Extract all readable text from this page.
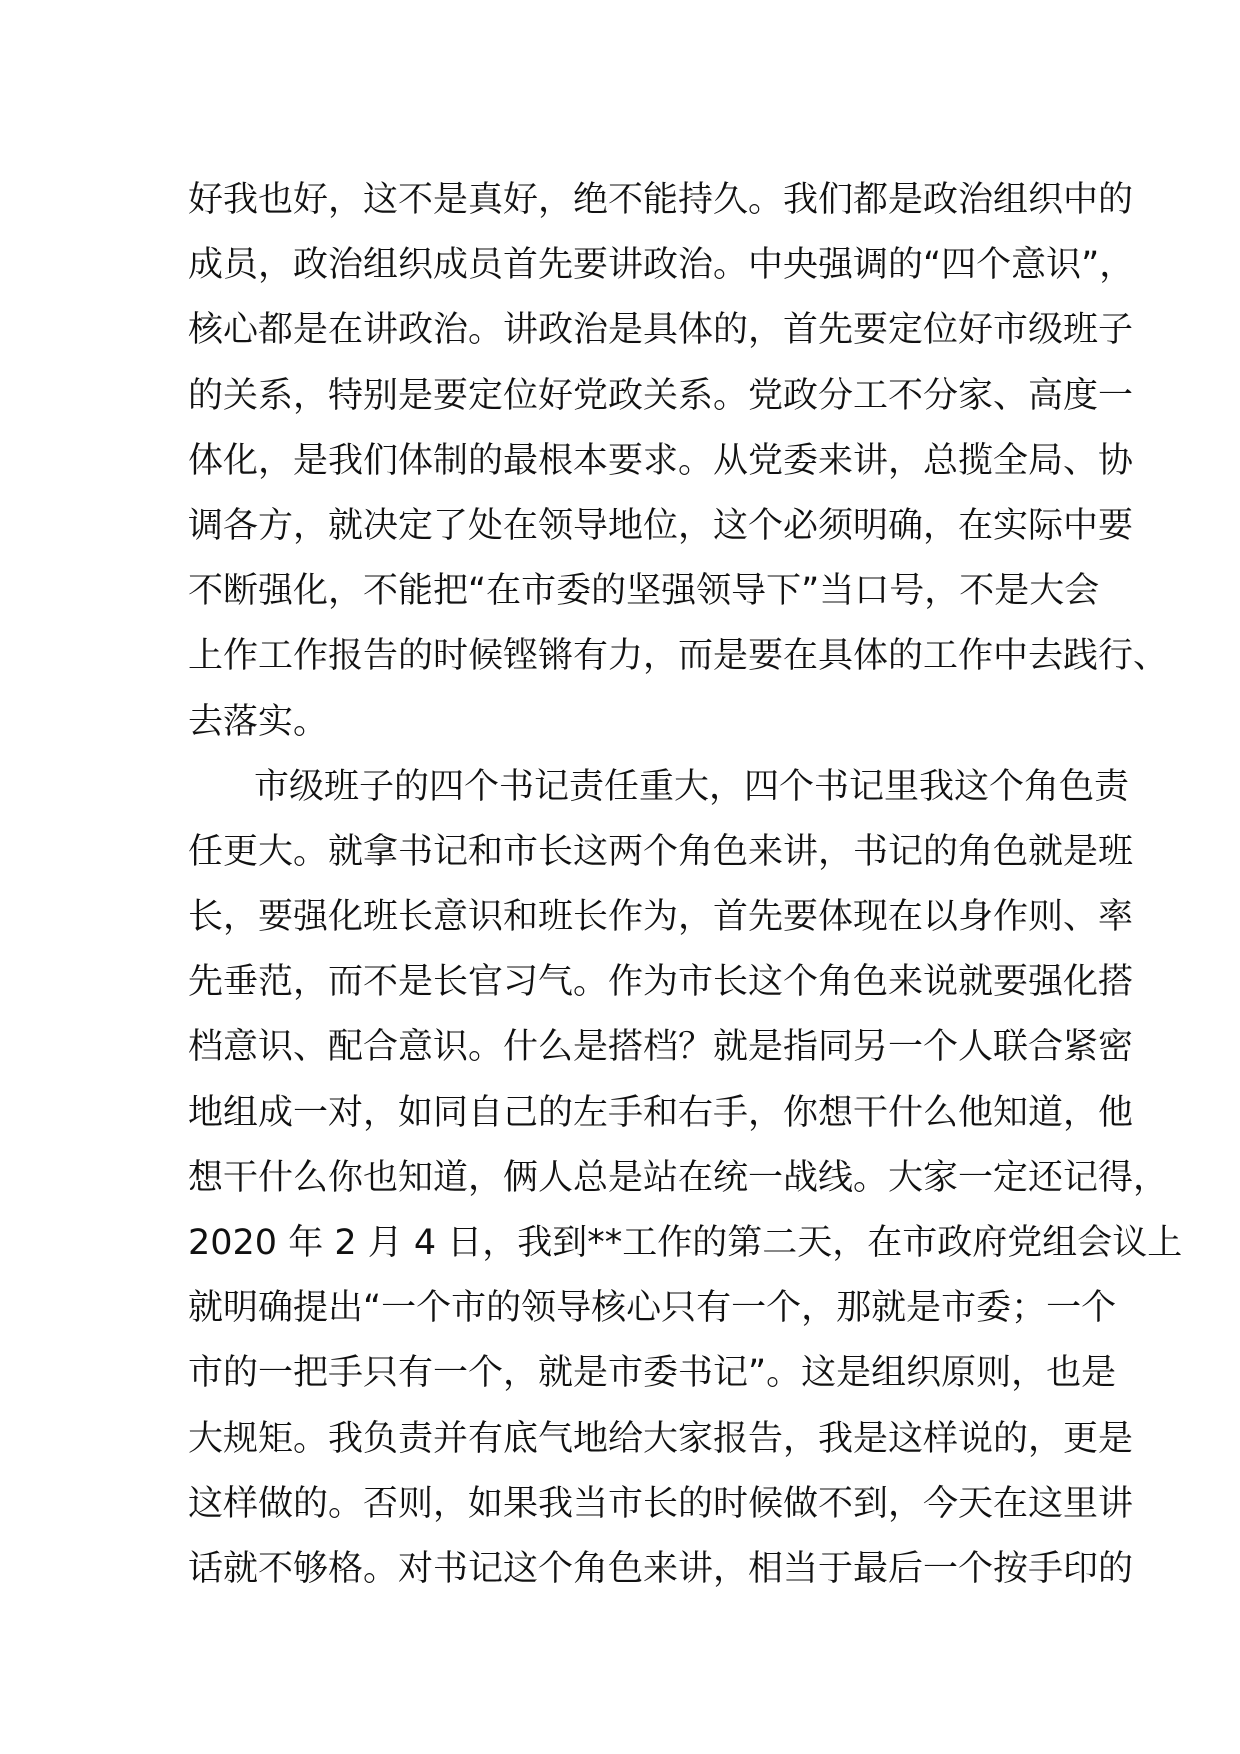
好我也好，这不是真好，绝不能持久。我们都是政治组织中的
成员，政治组织成员首先要讲政治。中央强调的“四个意识”，
核心都是在讲政治。讲政治是具体的，首先要定位好市级班子
的关系，特别是要定位好党政关系。党政分工不分家、高度一
体化，是我们体制的最根本要求。从党委来讲，总揽全局、协
调各方，就决定了处在领导地位，这个必须明确，在实际中要
不断强化，不能把“在市委的坚强领导下”当口号，不是大会
上作工作报告的时候铿锵有力，而是要在具体的工作中去践行、
去落实。
市级班子的四个书记责任重大，四个书记里我这个角色责
任更大。就拿书记和市长这两个角色来讲，书记的角色就是班
长，要强化班长意识和班长作为，首先要体现在以身作则、率
先垂范，而不是长官习气。作为市长这个角色来说就要强化搭
档意识、配合意识。什么是搭档？就是指同另一个人联合紧密
地组成一对，如同自己的左手和右手，你想干什么他知道，他
想干什么你也知道，俩人总是站在统一战线。大家一定还记得，
2020 年 2 月 4 日，我到**工作的第二天，在市政府党组会议上
就明确提出“一个市的领导核心只有一个，那就是市委；一个
市的一把手只有一个，就是市委书记”。这是组织原则，也是
大规矩。我负责并有底气地给大家报告，我是这样说的，更是
这样做的。否则，如果我当市长的时候做不到，今天在这里讲
话就不够格。对书记这个角色来讲，相当于最后一个按手印的
